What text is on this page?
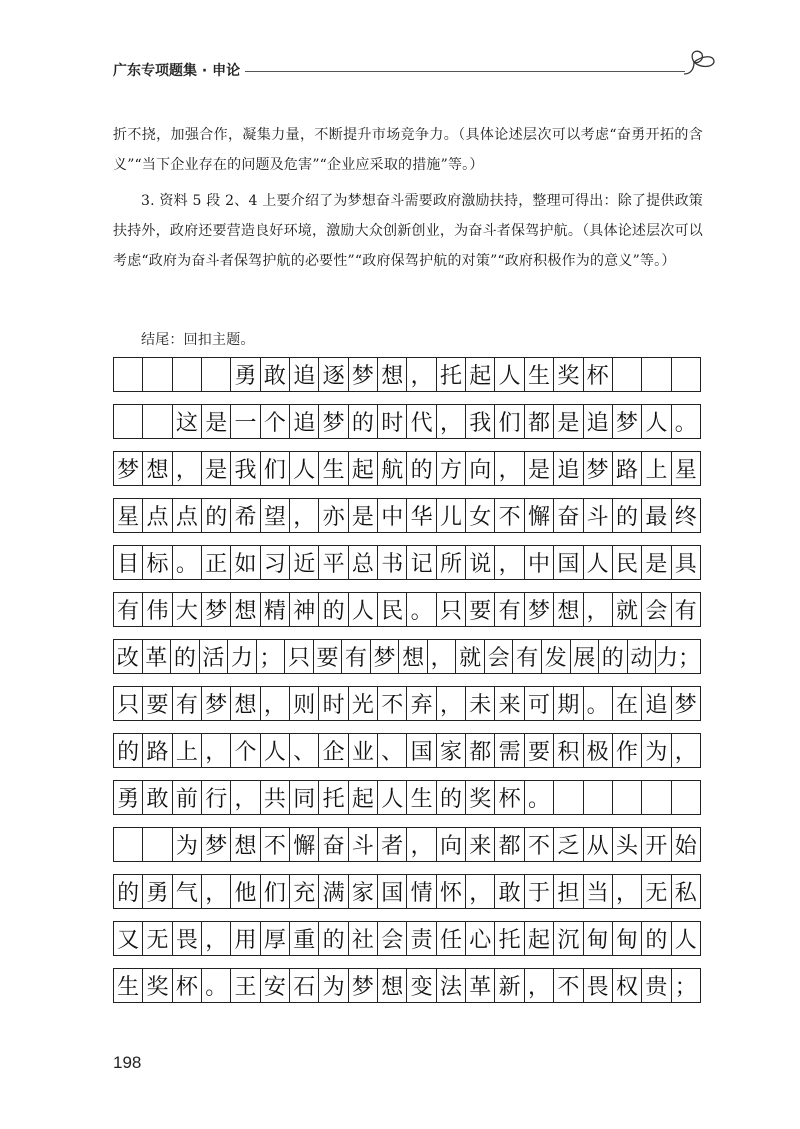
广东专项题集 · 申论

折不挠，加强合作，凝集力量，不断提升市场竞争力。（具体论述层次可以考虑“奋勇开拓的含义”“当下企业存在的问题及危害”“企业应采取的措施”等。）

3. 资料 5 段 2、4 上要介绍了为梦想奋斗需要政府激励扶持，整理可得出：除了提供政策扶持外，政府还要营造良好环境，激励大众创新创业，为奋斗者保驾护航。（具体论述层次可以考虑“政府为奋斗者保驾护航的必要性”“政府保驾护航的对策”“政府积极作为的意义”等。）

结尾：回扣主题。

勇 敢 追 逐 梦 想 ， 托 起 人 生 奖 杯
这 是 一 个 追 梦 的 时 代 ， 我 们 都 是 追 梦 人 。
梦 想 ， 是 我 们 人 生 起 航 的 方 向 ， 是 追 梦 路 上 星
星 点 点 的 希 望 ， 亦 是 中 华 儿 女 不 懈 奋 斗 的 最 终
目 标 。 正 如 习 近 平 总 书 记 所 说 ， 中 国 人 民 是 具
有 伟 大 梦 想 精 神 的 人 民 。 只 要 有 梦 想 ， 就 会 有
改 革 的 活 力 ； 只 要 有 梦 想 ， 就 会 有 发 展 的 动 力；
只 要 有 梦 想 ， 则 时 光 不 弃 ， 未 来 可 期 。 在 追 梦
的 路 上 ， 个 人 、 企 业 、 国 家 都 需 要 积 极 作 为 ，
勇 敢 前 行 ， 共 同 托 起 人 生 的 奖 杯 。
为 梦 想 不 懈 奋 斗 者 ， 向 来 都 不 乏 从 头 开 始
的 勇 气 ， 他 们 充 满 家 国 情 怀 ， 敢 于 担 当 ， 无 私
又 无 畏 ， 用 厚 重 的 社 会 责 任 心 托 起 沉 甸 甸 的 人
生 奖 杯 。 王 安 石 为 梦 想 变 法 革 新 ， 不 畏 权 贵 ；
198
